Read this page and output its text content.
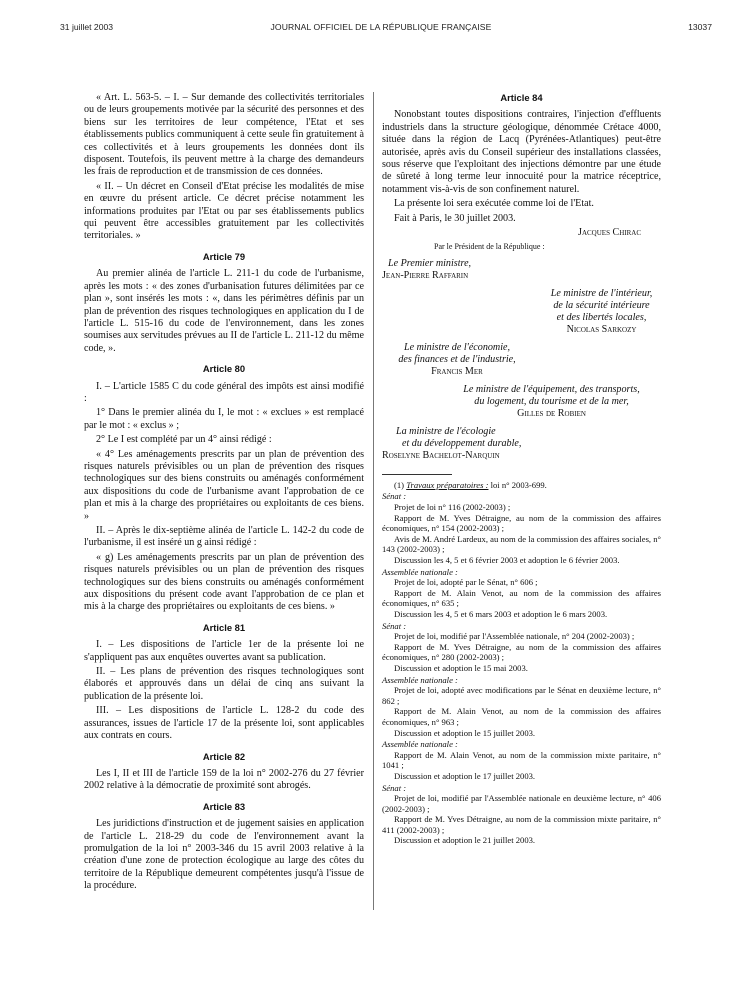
31 juillet 2003	JOURNAL OFFICIEL DE LA RÉPUBLIQUE FRANÇAISE	13037

« Art. L. 563-5. – I. – Sur demande des collectivités territoriales ou de leurs groupements motivée par la sécurité des personnes et des biens sur les territoires de leur compétence, l'Etat et ses établissements publics communiquent à cette seule fin gratuitement à ces collectivités et à leurs groupements les données dont ils disposent. Toutefois, ils peuvent mettre à la charge des demandeurs les frais de reproduction et de transmission de ces données.

« II. – Un décret en Conseil d'Etat précise les modalités de mise en œuvre du présent article. Ce décret précise notamment les informations produites par l'Etat ou par ses établissements publics qui peuvent être accessibles gratuitement par les collectivités territoriales. »

Article 79

Au premier alinéa de l'article L. 211-1 du code de l'urbanisme, après les mots : « des zones d'urbanisation futures délimitées par ce plan », sont insérés les mots : «, dans les périmètres définis par un plan de prévention des risques technologiques en application du I de l'article L. 515-16 du code de l'environnement, dans les zones soumises aux servitudes prévues au II de l'article L. 211-12 du même code, ».

Article 80

I. – L'article 1585 C du code général des impôts est ainsi modifié :

1° Dans le premier alinéa du I, le mot : « exclues » est remplacé par le mot : « exclus » ;

2° Le I est complété par un 4° ainsi rédigé :

« 4° Les aménagements prescrits par un plan de prévention des risques naturels prévisibles ou un plan de prévention des risques technologiques sur des biens construits ou aménagés conformément aux dispositions du code de l'urbanisme avant l'approbation de ce plan et mis à la charge des propriétaires ou exploitants de ces biens. »

II. – Après le dix-septième alinéa de l'article L. 142-2 du code de l'urbanisme, il est inséré un g ainsi rédigé :

« g) Les aménagements prescrits par un plan de prévention des risques naturels prévisibles ou un plan de prévention des risques technologiques sur des biens construits ou aménagés conformément aux dispositions du présent code avant l'approbation de ce plan et mis à la charge des propriétaires ou exploitants de ces biens. »

Article 81

I. – Les dispositions de l'article 1er de la présente loi ne s'appliquent pas aux enquêtes ouvertes avant sa publication.

II. – Les plans de prévention des risques technologiques sont élaborés et approuvés dans un délai de cinq ans suivant la publication de la présente loi.

III. – Les dispositions de l'article L. 128-2 du code des assurances, issues de l'article 17 de la présente loi, sont applicables aux contrats en cours.

Article 82

Les I, II et III de l'article 159 de la loi n° 2002-276 du 27 février 2002 relative à la démocratie de proximité sont abrogés.

Article 83

Les juridictions d'instruction et de jugement saisies en application de l'article L. 218-29 du code de l'environnement avant la promulgation de la loi n° 2003-346 du 15 avril 2003 relative à la création d'une zone de protection écologique au large des côtes du territoire de la République demeurent compétentes jusqu'à l'issue de la procédure.

Article 84

Nonobstant toutes dispositions contraires, l'injection d'effluents industriels dans la structure géologique, dénommée Crétace 4000, située dans la région de Lacq (Pyrénées-Atlantiques) peut-être autorisée, après avis du Conseil supérieur des installations classées, sous réserve que l'exploitant des injections démontre par une étude de sûreté à long terme leur innocuité pour la matrice réceptrice, notamment vis-à-vis de son confinement naturel.

La présente loi sera exécutée comme loi de l'Etat.

Fait à Paris, le 30 juillet 2003.

Jacques Chirac

Par le Président de la République :

Le Premier ministre,
Jean-Pierre Raffarin
Le ministre de l'intérieur,
de la sécurité intérieure
et des libertés locales,
Nicolas Sarkozy
Le ministre de l'économie,
des finances et de l'industrie,
Francis Mer
Le ministre de l'équipement, des transports,
du logement, du tourisme et de la mer,
Gilles de Robien
La ministre de l'écologie
et du développement durable,
Roselyne Bachelot-Narquin

(1) Travaux préparatoires : loi n° 2003-699.

Sénat :

Projet de loi n° 116 (2002-2003) ;

Rapport de M. Yves Détraigne, au nom de la commission des affaires économiques, n° 154 (2002-2003) ;

Avis de M. André Lardeux, au nom de la commission des affaires sociales, n° 143 (2002-2003) ;

Discussion les 4, 5 et 6 février 2003 et adoption le 6 février 2003.

Assemblée nationale :

Projet de loi, adopté par le Sénat, n° 606 ;

Rapport de M. Alain Venot, au nom de la commission des affaires économiques, n° 635 ;

Discussion les 4, 5 et 6 mars 2003 et adoption le 6 mars 2003.

Sénat :

Projet de loi, modifié par l'Assemblée nationale, n° 204 (2002-2003) ;

Rapport de M. Yves Détraigne, au nom de la commission des affaires économiques, n° 280 (2002-2003) ;

Discussion et adoption le 15 mai 2003.

Assemblée nationale :

Projet de loi, adopté avec modifications par le Sénat en deuxième lecture, n° 862 ;

Rapport de M. Alain Venot, au nom de la commission des affaires économiques, n° 963 ;

Discussion et adoption le 15 juillet 2003.

Assemblée nationale :

Rapport de M. Alain Venot, au nom de la commission mixte paritaire, n° 1041 ;

Discussion et adoption le 17 juillet 2003.

Sénat :

Projet de loi, modifié par l'Assemblée nationale en deuxième lecture, n° 406 (2002-2003) ;

Rapport de M. Yves Détraigne, au nom de la commission mixte paritaire, n° 411 (2002-2003) ;

Discussion et adoption le 21 juillet 2003.
